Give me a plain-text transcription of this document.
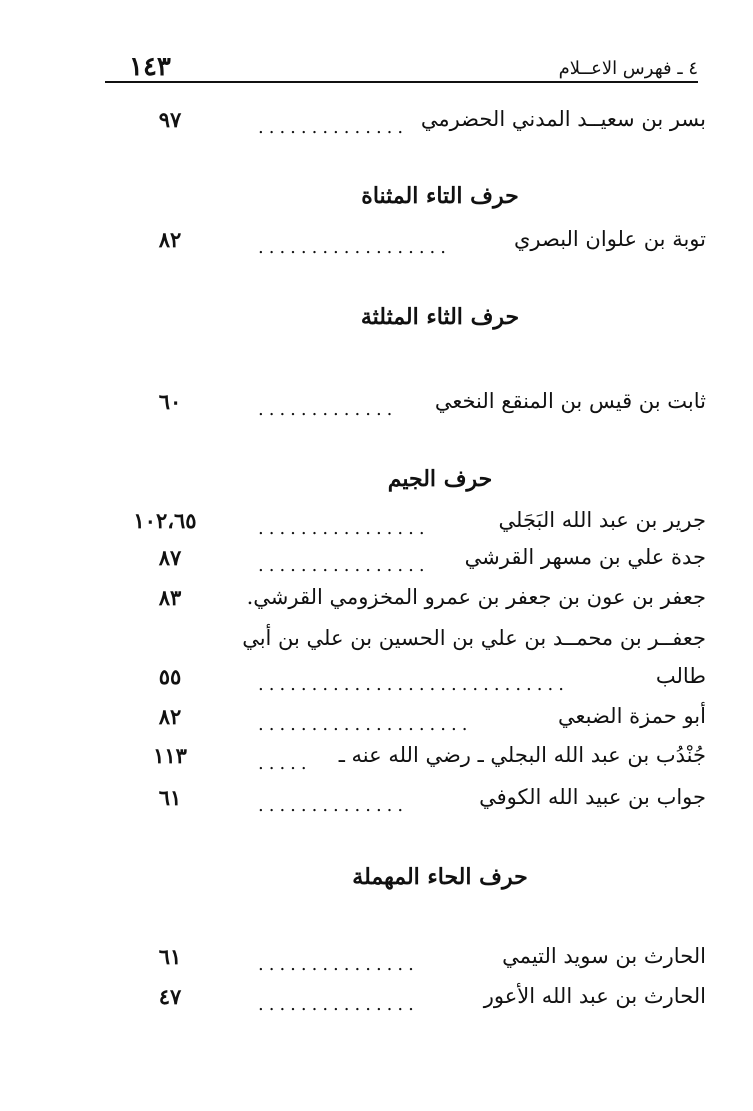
١٤٣	٤ ـ فهرس الاعــلام
بسر بن سعيــد المدني الحضرمي
..............
٩٧
حرف التاء المثناة
توبة بن علوان البصري
..................
٨٢
حرف الثاء المثلثة
ثابت بن قيس بن المنقع النخعي
.............
٦٠
حرف الجيم
جرير بن عبد الله البَجَلي
................
١٠٢،٦٥
جدة علي بن مسهر القرشي
................
٨٧
جعفر بن عون بن جعفر بن عمرو المخزومي القرشي.
٨٣
جعفــر بن محمــد بن علي بن الحسين بن علي بن أبي
طالب
.............................
٥٥
أبو حمزة الضبعي
....................
٨٢
جُنْدُب بن عبد الله البجلي ـ رضي الله عنه ـ
.....
١١٣
جواب بن عبيد الله الكوفي
..............
٦١
حرف الحاء المهملة
الحارث بن سويد التيمي
...............
٦١
الحارث بن عبد الله الأعور
...............
٤٧
